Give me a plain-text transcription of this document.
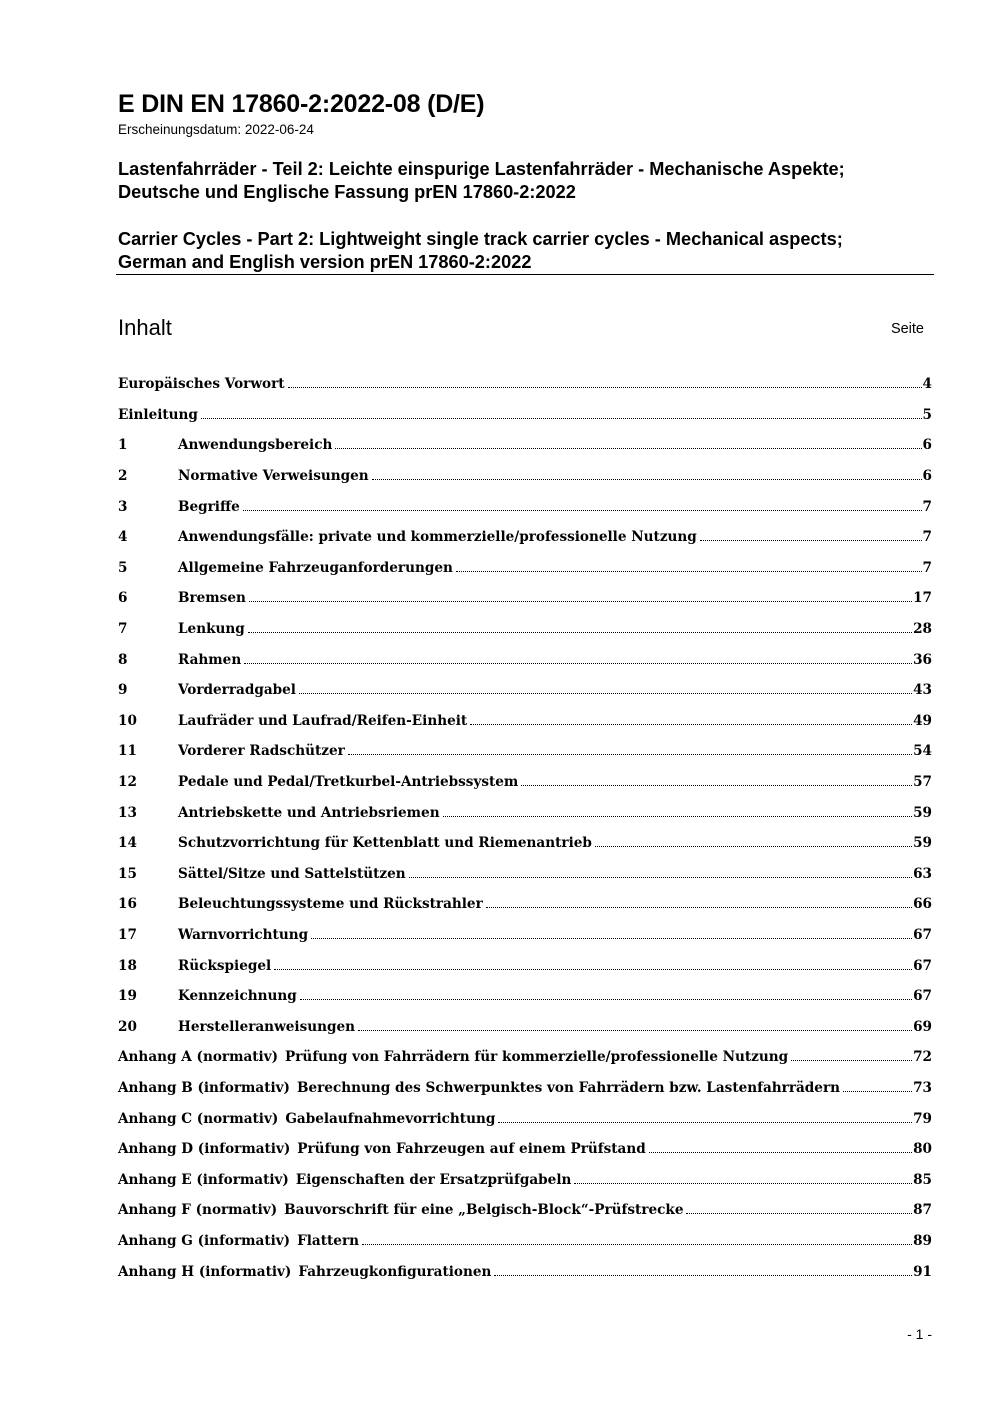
E DIN EN 17860-2:2022-08 (D/E)
Erscheinungsdatum: 2022-06-24
Lastenfahrräder - Teil 2: Leichte einspurige Lastenfahrräder - Mechanische Aspekte;
Deutsche und Englische Fassung prEN 17860-2:2022
Carrier Cycles - Part 2: Lightweight single track carrier cycles - Mechanical aspects;
German and English version prEN 17860-2:2022
Inhalt	Seite
Europäisches Vorwort	4
Einleitung	5
1	Anwendungsbereich	6
2	Normative Verweisungen	6
3	Begriffe	7
4	Anwendungsfälle: private und kommerzielle/professionelle Nutzung	7
5	Allgemeine Fahrzeuganforderungen	7
6	Bremsen	17
7	Lenkung	28
8	Rahmen	36
9	Vorderradgabel	43
10	Laufräder und Laufrad/Reifen-Einheit	49
11	Vorderer Radschützer	54
12	Pedale und Pedal/Tretkurbel-Antriebssystem	57
13	Antriebskette und Antriebsriemen	59
14	Schutzvorrichtung für Kettenblatt und Riemenantrieb	59
15	Sättel/Sitze und Sattelstützen	63
16	Beleuchtungssysteme und Rückstrahler	66
17	Warnvorrichtung	67
18	Rückspiegel	67
19	Kennzeichnung	67
20	Herstelleranweisungen	69
Anhang A (normativ) Prüfung von Fahrrädern für kommerzielle/professionelle Nutzung	72
Anhang B (informativ) Berechnung des Schwerpunktes von Fahrrädern bzw. Lastenfahrrädern	73
Anhang C (normativ) Gabelaufnahmevorrichtung	79
Anhang D (informativ) Prüfung von Fahrzeugen auf einem Prüfstand	80
Anhang E (informativ) Eigenschaften der Ersatzprüfgabeln	85
Anhang F (normativ) Bauvorschrift für eine „Belgisch-Block“-Prüfstrecke	87
Anhang G (informativ) Flattern	89
Anhang H (informativ) Fahrzeugkonfigurationen	91
- 1 -
